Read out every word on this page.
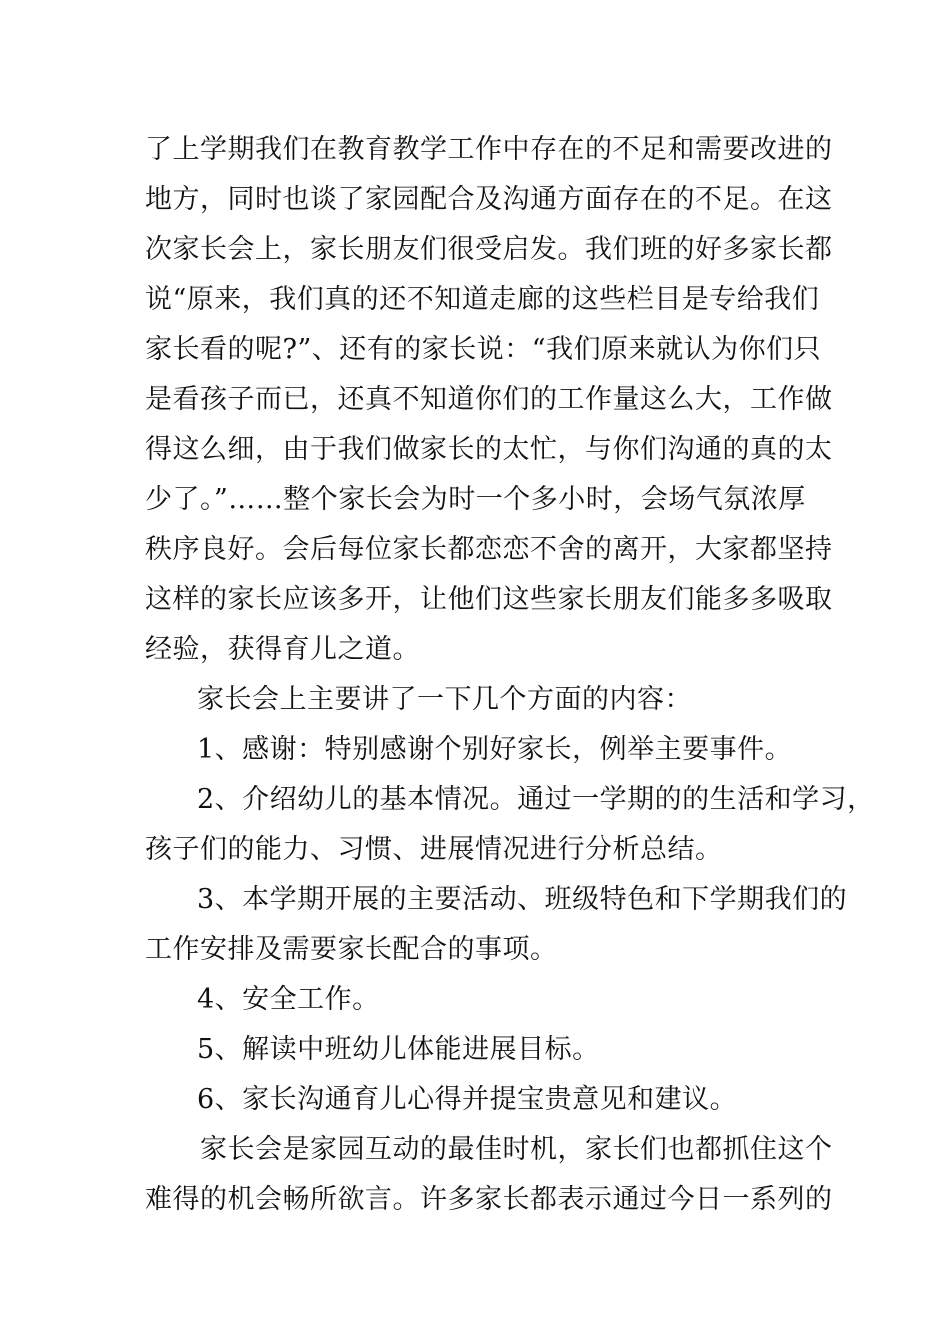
了上学期我们在教育教学工作中存在的不足和需要改进的
地方，同时也谈了家园配合及沟通方面存在的不足。在这
次家长会上，家长朋友们很受启发。我们班的好多家长都
说“原来，我们真的还不知道走廊的这些栏目是专给我们
家长看的呢?”、还有的家长说：“我们原来就认为你们只
是看孩子而已，还真不知道你们的工作量这么大，工作做
得这么细，由于我们做家长的太忙，与你们沟通的真的太
少了。”……整个家长会为时一个多小时，会场气氛浓厚
秩序良好。会后每位家长都恋恋不舍的离开，大家都坚持
这样的家长应该多开，让他们这些家长朋友们能多多吸取
经验，获得育儿之道。
家长会上主要讲了一下几个方面的内容：
1、感谢：特别感谢个别好家长，例举主要事件。
2、介绍幼儿的基本情况。通过一学期的的生活和学习，
孩子们的能力、习惯、进展情况进行分析总结。
3、本学期开展的主要活动、班级特色和下学期我们的
工作安排及需要家长配合的事项。
4、安全工作。
5、解读中班幼儿体能进展目标。
6、家长沟通育儿心得并提宝贵意见和建议。
家长会是家园互动的最佳时机，家长们也都抓住这个
难得的机会畅所欲言。许多家长都表示通过今日一系列的
